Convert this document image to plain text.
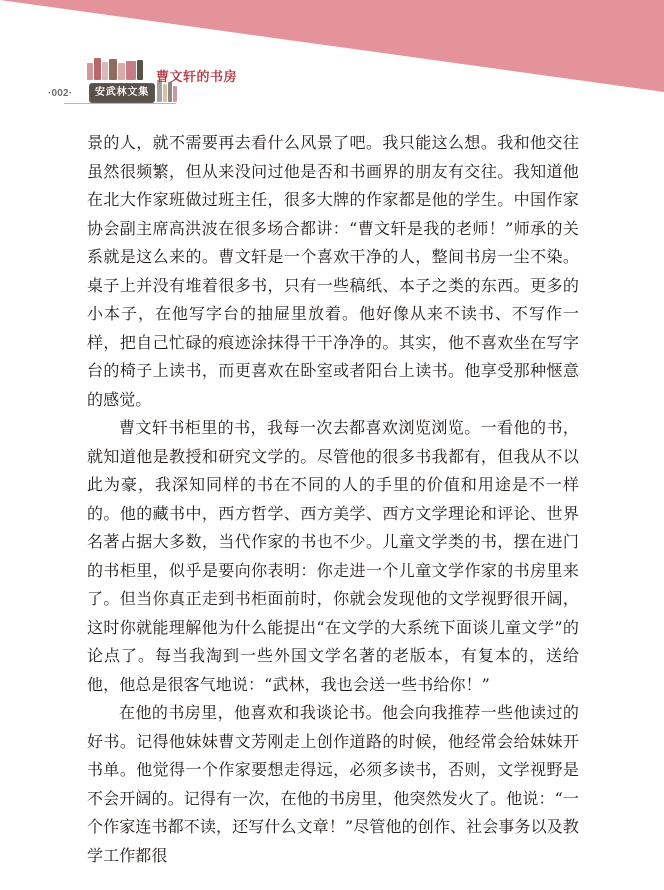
·002·
曹文轩的书房
安武林文集

景的人，就不需要再去看什么风景了吧。我只能这么想。我和他交往虽然很频繁，但从来没问过他是否和书画界的朋友有交往。我知道他在北大作家班做过班主任，很多大牌的作家都是他的学生。中国作家协会副主席高洪波在很多场合都讲：“曹文轩是我的老师！”师承的关系就是这么来的。曹文轩是一个喜欢干净的人，整间书房一尘不染。桌子上并没有堆着很多书，只有一些稿纸、本子之类的东西。更多的小本子，在他写字台的抽屉里放着。他好像从来不读书、不写作一样，把自己忙碌的痕迹涂抹得干干净净的。其实，他不喜欢坐在写字台的椅子上读书，而更喜欢在卧室或者阳台上读书。他享受那种惬意的感觉。

曹文轩书柜里的书，我每一次去都喜欢浏览浏览。一看他的书，就知道他是教授和研究文学的。尽管他的很多书我都有，但我从不以此为豪，我深知同样的书在不同的人的手里的价值和用途是不一样的。他的藏书中，西方哲学、西方美学、西方文学理论和评论、世界名著占据大多数，当代作家的书也不少。儿童文学类的书，摆在进门的书柜里，似乎是要向你表明：你走进一个儿童文学作家的书房里来了。但当你真正走到书柜面前时，你就会发现他的文学视野很开阔，这时你就能理解他为什么能提出“在文学的大系统下面谈儿童文学”的论点了。每当我淘到一些外国文学名著的老版本，有复本的，送给他，他总是很客气地说：“武林，我也会送一些书给你！”

在他的书房里，他喜欢和我谈论书。他会向我推荐一些他读过的好书。记得他妹妹曹文芳刚走上创作道路的时候，他经常会给妹妹开书单。他觉得一个作家要想走得远，必须多读书，否则，文学视野是不会开阔的。记得有一次，在他的书房里，他突然发火了。他说：“一个作家连书都不读，还写什么文章！”尽管他的创作、社会事务以及教学工作都很
